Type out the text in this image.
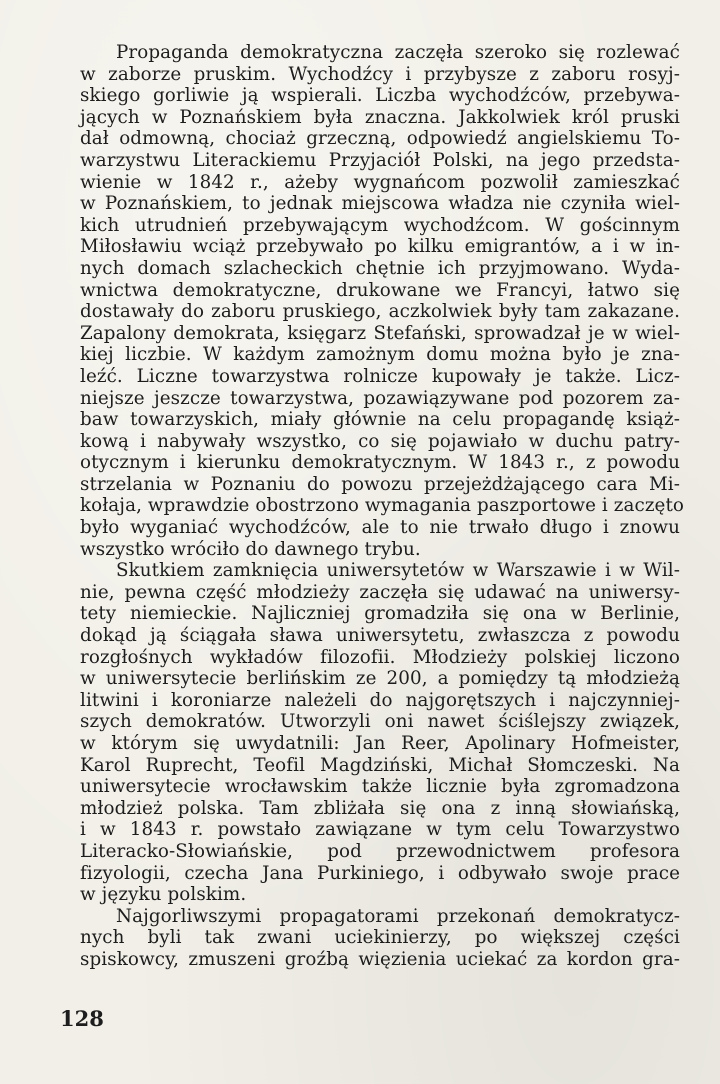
Propaganda demokratyczna zaczęła szeroko się rozlewać
w zaborze pruskim. Wychodźcy i przybysze z zaboru rosyj-
skiego gorliwie ją wspierali. Liczba wychodźców, przebywa-
jących w Poznańskiem była znaczna. Jakkolwiek król pruski
dał odmowną, chociaż grzeczną, odpowiedź angielskiemu To-
warzystwu Literackiemu Przyjaciół Polski, na jego przedsta-
wienie w 1842 r., ażeby wygnańcom pozwolił zamieszkać
w Poznańskiem, to jednak miejscowa władza nie czyniła wiel-
kich utrudnień przebywającym wychodźcom. W gościnnym
Miłosławiu wciąż przebywało po kilku emigrantów, a i w in-
nych domach szlacheckich chętnie ich przyjmowano. Wyda-
wnictwa demokratyczne, drukowane we Francyi, łatwo się
dostawały do zaboru pruskiego, aczkolwiek były tam zakazane.
Zapalony demokrata, księgarz Stefański, sprowadzał je w wiel-
kiej liczbie. W każdym zamożnym domu można było je zna-
leźć. Liczne towarzystwa rolnicze kupowały je także. Licz-
niejsze jeszcze towarzystwa, pozawiązywane pod pozorem za-
baw towarzyskich, miały głównie na celu propagandę książ-
kową i nabywały wszystko, co się pojawiało w duchu patry-
otycznym i kierunku demokratycznym. W 1843 r., z powodu
strzelania w Poznaniu do powozu przejeżdżającego cara Mi-
kołaja, wprawdzie obostrzono wymagania paszportowe i zaczęto
było wyganiać wychodźców, ale to nie trwało długo i znowu
wszystko wróciło do dawnego trybu.
Skutkiem zamknięcia uniwersytetów w Warszawie i w Wil-
nie, pewna część młodzieży zaczęła się udawać na uniwersy-
tety niemieckie. Najliczniej gromadziła się ona w Berlinie,
dokąd ją ściągała sława uniwersytetu, zwłaszcza z powodu
rozgłośnych wykładów filozofii. Młodzieży polskiej liczono
w uniwersytecie berlińskim ze 200, a pomiędzy tą młodzieżą
litwini i koroniarze należeli do najgorętszych i najczynniej-
szych demokratów. Utworzyli oni nawet ściślejszy związek,
w którym się uwydatnili: Jan Reer, Apolinary Hofmeister,
Karol Ruprecht, Teofil Magdziński, Michał Słomczeski. Na
uniwersytecie wrocławskim także licznie była zgromadzona
młodzież polska. Tam zbliżała się ona z inną słowiańską,
i w 1843 r. powstało zawiązane w tym celu Towarzystwo
Literacko-Słowiańskie, pod przewodnictwem profesora
fizyologii, czecha Jana Purkiniego, i odbywało swoje prace
w języku polskim.
Najgorliwszymi propagatorami przekonań demokratycz-
nych byli tak zwani uciekinierzy, po większej części
spiskowcy, zmuszeni groźbą więzienia uciekać za kordon gra-
128
